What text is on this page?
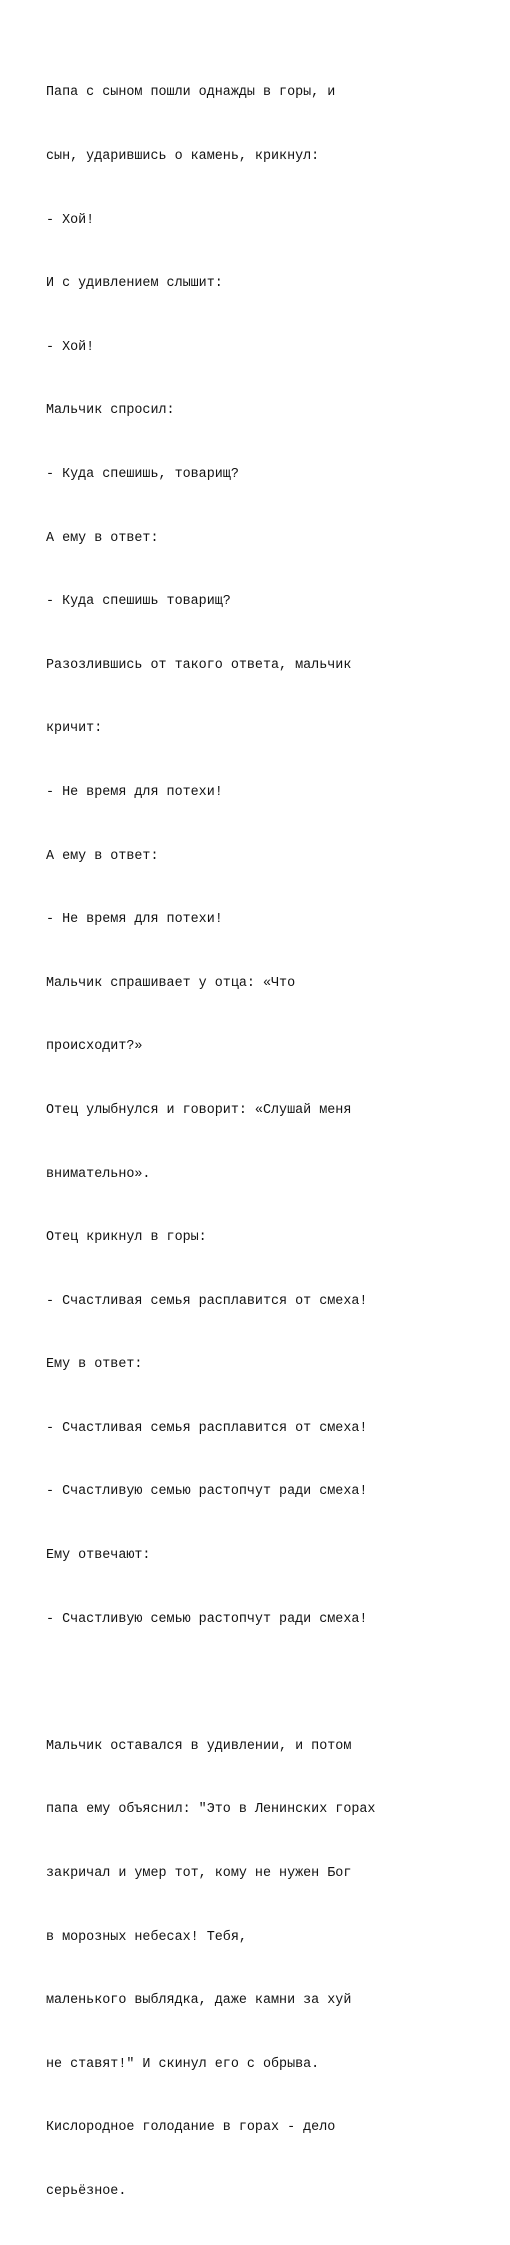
Папа с сыном пошли однажды в горы, и

сын, ударившись о камень, крикнул:

- Хой!

И с удивлением слышит:

- Хой!

Мальчик спросил:

- Куда спешишь, товарищ?

А ему в ответ:

- Куда спешишь товарищ?

Разозлившись от такого ответа, мальчик

кричит:

- Не время для потехи!

А ему в ответ:

- Не время для потехи!

Мальчик спрашивает у отца: «Что

происходит?»

Отец улыбнулся и говорит: «Слушай меня

внимательно».

Отец крикнул в горы:

- Счастливая семья расплавится от смеха!

Ему в ответ:

- Счастливая семья расплавится от смеха!

- Счастливую семью растопчут ради смеха!

Ему отвечают:

- Счастливую семью растопчут ради смеха!

Мальчик оставался в удивлении, и потом

папа ему объяснил: "Это в Ленинских горах

закричал и умер тот, кому не нужен Бог

в морозных небесах! Тебя,

маленького выблядка, даже камни за хуй

не ставят!" И скинул его с обрыва.

Кислородное голодание в горах - дело

серьёзное.
